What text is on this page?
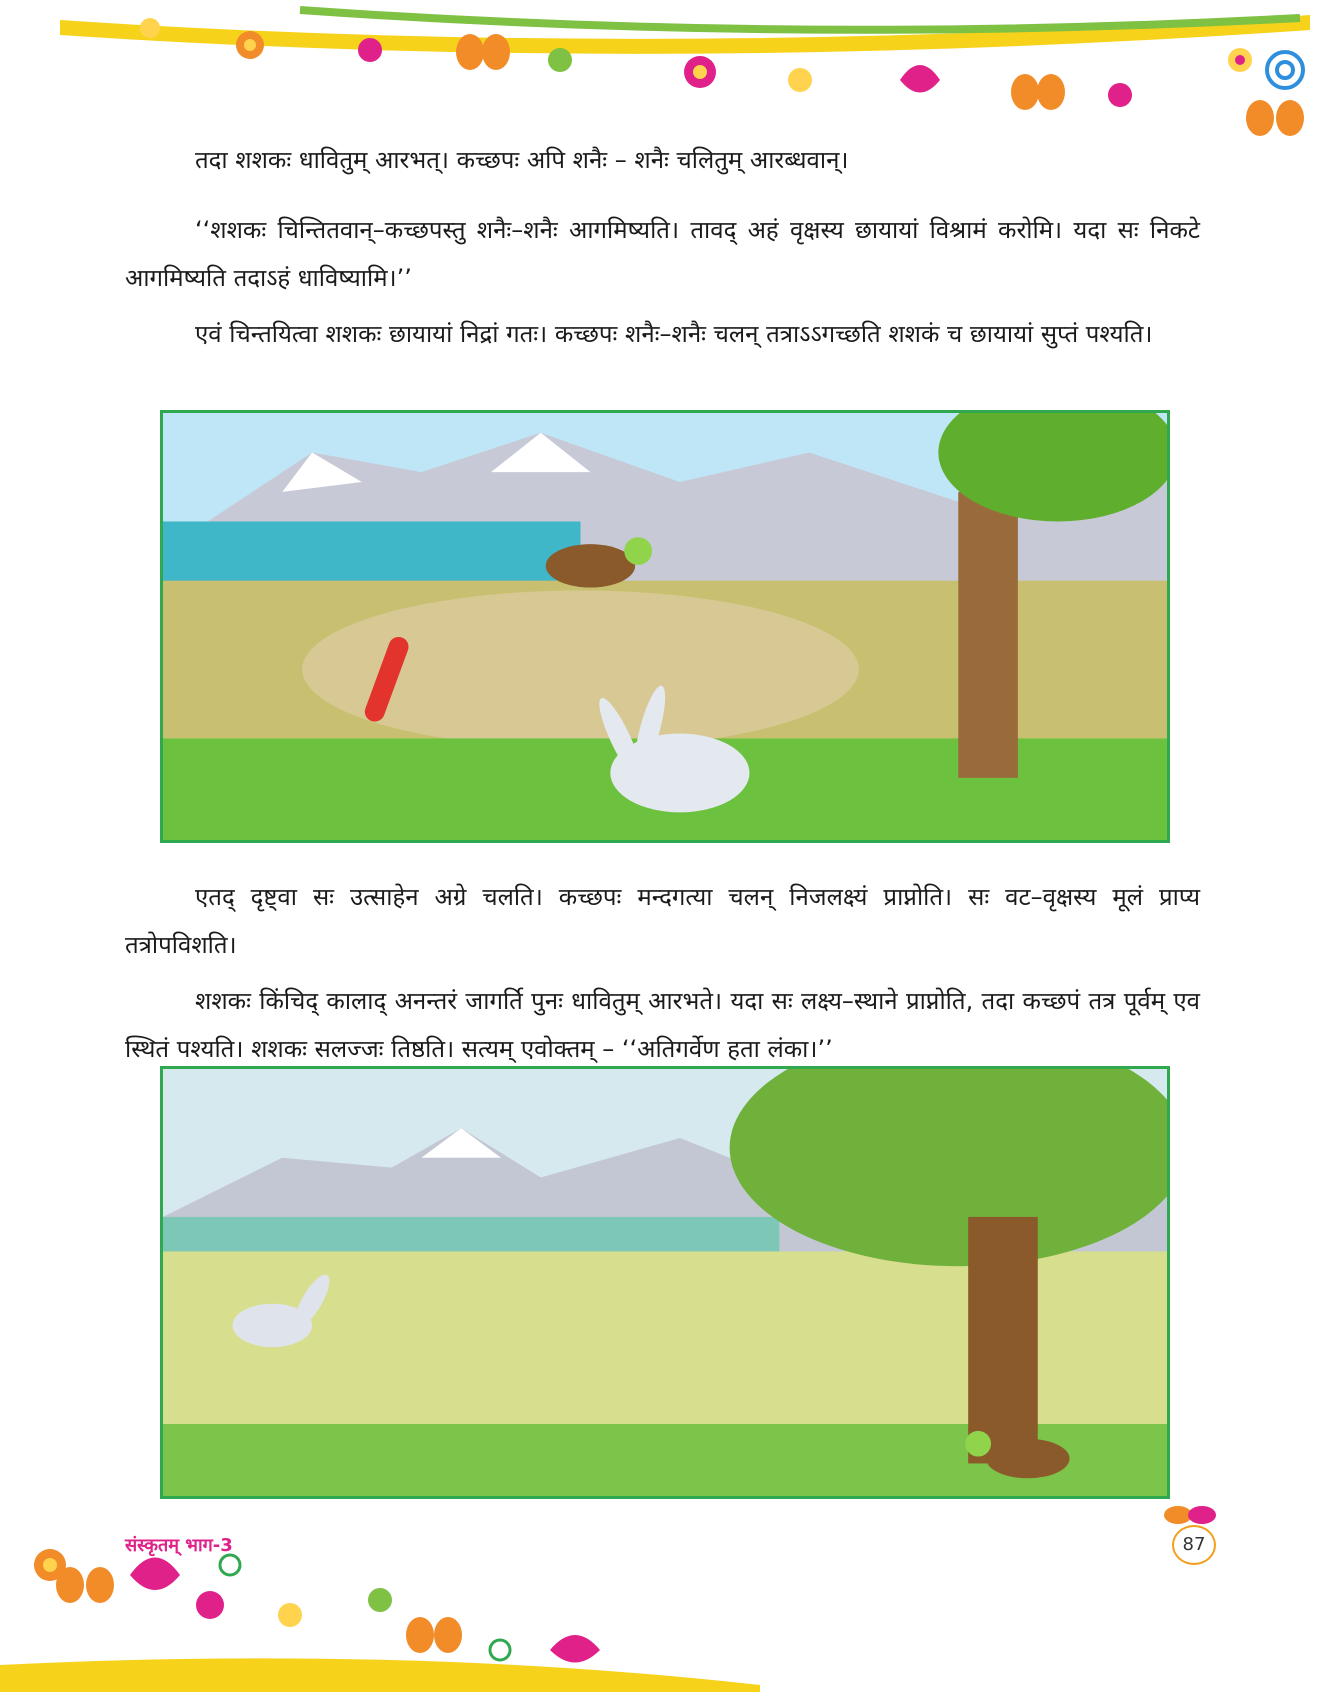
तदा शशकः धावितुम् आरभत्। कच्छपः अपि शनैः – शनैः चलितुम् आरब्धवान्।

‘‘शशकः चिन्तितवान्–कच्छपस्तु शनैः–शनैः आगमिष्यति। तावद् अहं वृक्षस्य छायायां विश्रामं करोमि। यदा सः निकटे आगमिष्यति तदाऽहं धाविष्यामि।’’

एवं चिन्तयित्वा शशकः छायायां निद्रां गतः। कच्छपः शनैः–शनैः चलन् तत्राऽऽगच्छति शशकं च छायायां सुप्तं पश्यति।

एतद् दृष्ट्वा सः उत्साहेन अग्रे चलति। कच्छपः मन्दगत्या चलन् निजलक्ष्यं प्राप्नोति। सः वट–वृक्षस्य मूलं प्राप्य तत्रोपविशति।

शशकः किंचिद् कालाद् अनन्तरं जागर्ति पुनः धावितुम् आरभते। यदा सः लक्ष्य–स्थाने प्राप्नोति, तदा कच्छपं तत्र पूर्वम् एव स्थितं पश्यति। शशकः सलज्जः तिष्ठति। सत्यम् एवोक्तम् – ‘‘अतिगर्वेण हता लंका।’’

संस्कृतम् भाग-3	87
